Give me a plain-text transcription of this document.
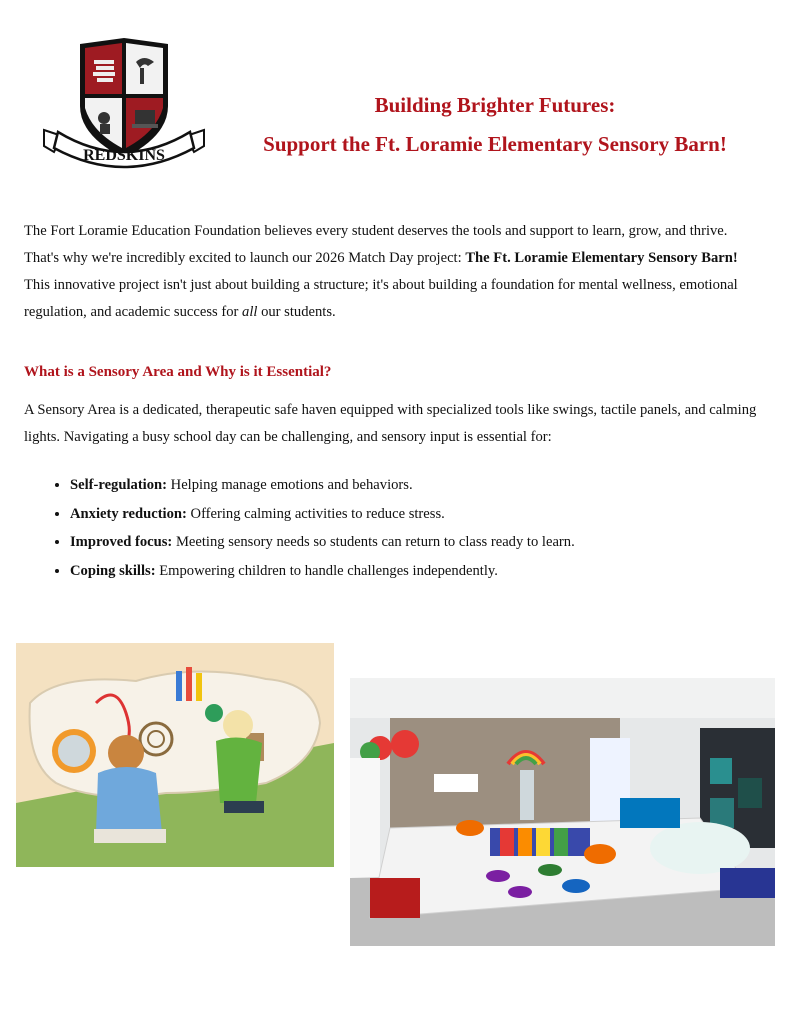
REDSKINS
Building Brighter Futures:
Support the Ft. Loramie Elementary Sensory Barn!

The Fort Loramie Education Foundation believes every student deserves the tools and support to learn, grow, and thrive. That's why we're incredibly excited to launch our 2026 Match Day project: The Ft. Loramie Elementary Sensory Barn! This innovative project isn't just about building a structure; it's about building a foundation for mental wellness, emotional regulation, and academic success for all our students.

What is a Sensory Area and Why is it Essential?

A Sensory Area is a dedicated, therapeutic safe haven equipped with specialized tools like swings, tactile panels, and calming lights. Navigating a busy school day can be challenging, and sensory input is essential for:

• Self-regulation: Helping manage emotions and behaviors.
• Anxiety reduction: Offering calming activities to reduce stress.
• Improved focus: Meeting sensory needs so students can return to class ready to learn.
• Coping skills: Empowering children to handle challenges independently.
